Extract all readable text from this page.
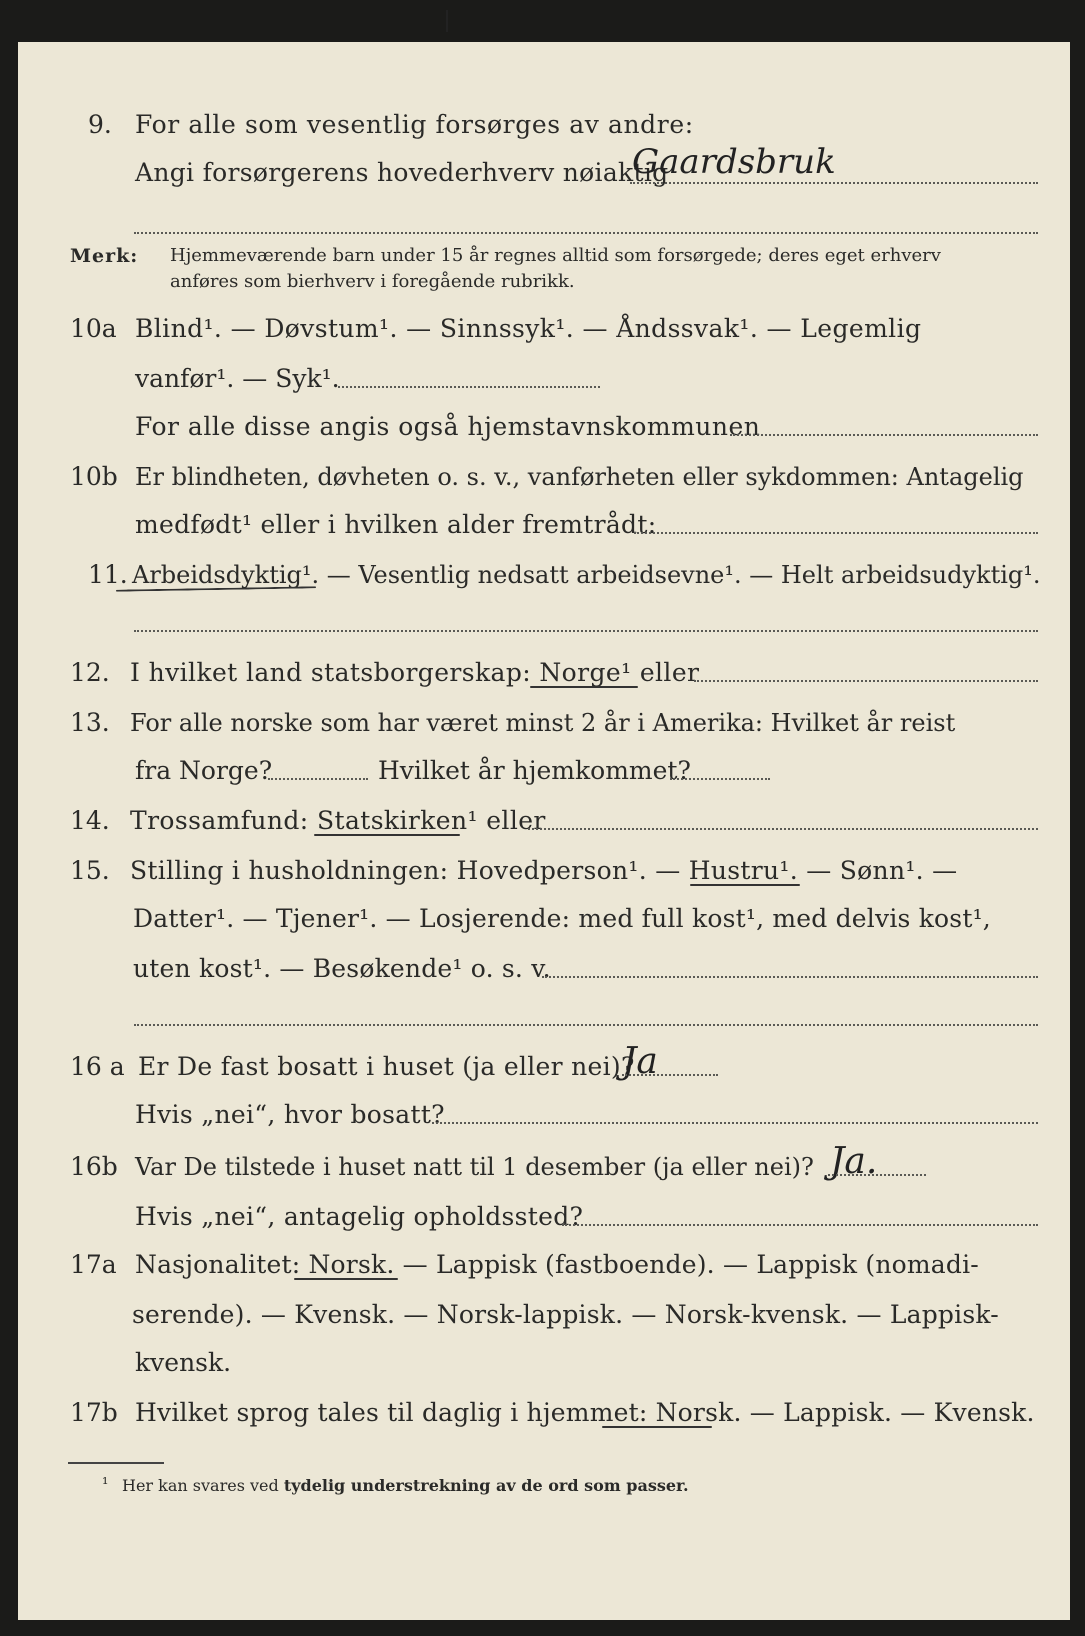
9. For alle som vesentlig forsørges av andre:
Angi forsørgerens hovederhverv nøiaktig
Gaardsbruk
Merk: Hjemmeværende barn under 15 år regnes alltid som forsørgede; deres eget erhverv
anføres som bierhverv i foregående rubrikk.
10a Blind¹. — Døvstum¹. — Sinnssyk¹. — Åndssvak¹. — Legemlig
vanfør¹. — Syk¹.
For alle disse angis også hjemstavnskommunen
10b Er blindheten, døvheten o. s. v., vanførheten eller sykdommen: Antagelig
medfødt¹ eller i hvilken alder fremtrådt:
11. Arbeidsdyktig¹. — Vesentlig nedsatt arbeidsevne¹. — Helt arbeidsudyktig¹.
12. I hvilket land statsborgerskap: Norge¹ eller
13. For alle norske som har været minst 2 år i Amerika: Hvilket år reist
fra Norge?	Hvilket år hjemkommet?
14. Trossamfund: Statskirken¹ eller
15. Stilling i husholdningen: Hovedperson¹. — Hustru¹. — Sønn¹. —
Datter¹. — Tjener¹. — Losjerende: med full kost¹, med delvis kost¹,
uten kost¹. — Besøkende¹ o. s. v.
16 a Er De fast bosatt i huset (ja eller nei)?
Ja
Hvis „nei“, hvor bosatt?
16b Var De tilstede i huset natt til 1 desember (ja eller nei)? Ja.
Hvis „nei“, antagelig opholdssted?
17a Nasjonalitet: Norsk. — Lappisk (fastboende). — Lappisk (nomadi-
serende). — Kvensk. — Norsk-lappisk. — Norsk-kvensk. — Lappisk-
kvensk.
17b Hvilket sprog tales til daglig i hjemmet: Norsk. — Lappisk. — Kvensk.
¹ Her kan svares ved tydelig understrekning av de ord som passer.
